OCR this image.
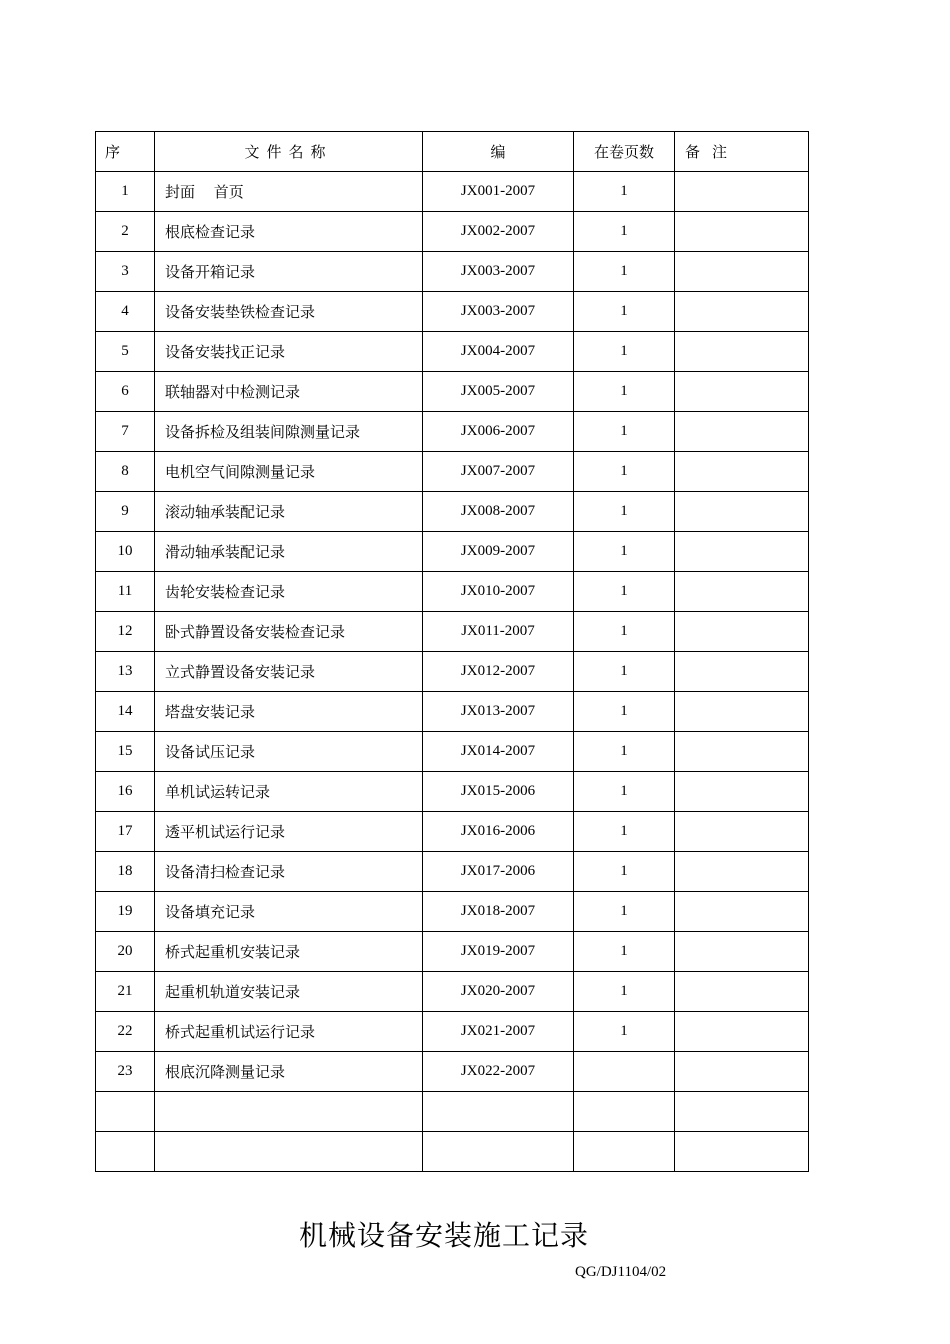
序	文件名称	编	在卷页数	备注
1	封面　 首页	JX001-2007	1	
2	根底检查记录	JX002-2007	1	
3	设备开箱记录	JX003-2007	1	
4	设备安装垫铁检查记录	JX003-2007	1	
5	设备安装找正记录	JX004-2007	1	
6	联轴器对中检测记录	JX005-2007	1	
7	设备拆检及组装间隙测量记录	JX006-2007	1	
8	电机空气间隙测量记录	JX007-2007	1	
9	滚动轴承装配记录	JX008-2007	1	
10	滑动轴承装配记录	JX009-2007	1	
11	齿轮安装检查记录	JX010-2007	1	
12	卧式静置设备安装检查记录	JX011-2007	1	
13	立式静置设备安装记录	JX012-2007	1	
14	塔盘安装记录	JX013-2007	1	
15	设备试压记录	JX014-2007	1	
16	单机试运转记录	JX015-2006	1	
17	透平机试运行记录	JX016-2006	1	
18	设备清扫检查记录	JX017-2006	1	
19	设备填充记录	JX018-2007	1	
20	桥式起重机安装记录	JX019-2007	1	
21	起重机轨道安装记录	JX020-2007	1	
22	桥式起重机试运行记录	JX021-2007	1	
23	根底沉降测量记录	JX022-2007		

机械设备安装施工记录
QG/DJ1104/02
